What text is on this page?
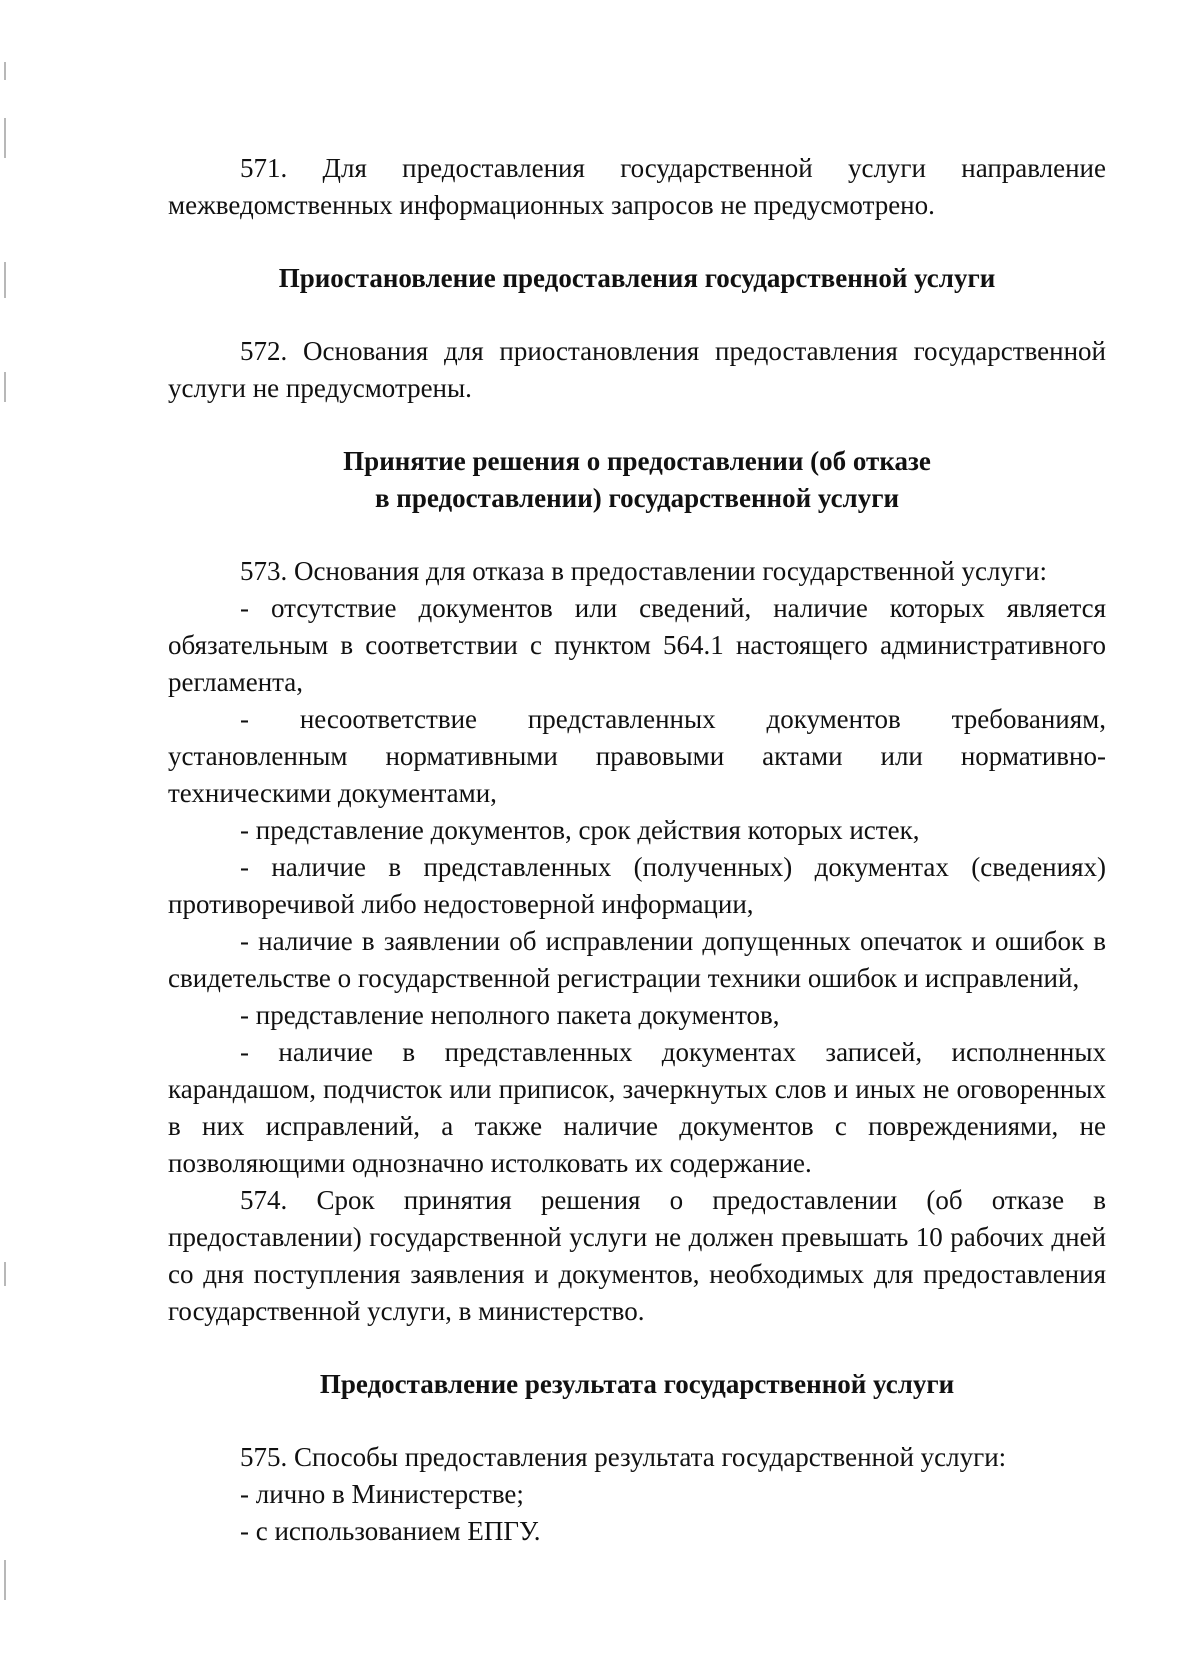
571. Для предоставления государственной услуги направление межведомственных информационных запросов не предусмотрено.

Приостановление предоставления государственной услуги

572. Основания для приостановления предоставления государственной услуги не предусмотрены.

Принятие решения о предоставлении (об отказе

в предоставлении) государственной услуги

573. Основания для отказа в предоставлении государственной услуги:

- отсутствие документов или сведений, наличие которых является обязательным в соответствии с пунктом 564.1 настоящего административного регламента,

- несоответствие представленных документов требованиям, установленным нормативными правовыми актами или нормативно-техническими документами,

- представление документов, срок действия которых истек,

- наличие в представленных (полученных) документах (сведениях) противоречивой либо недостоверной информации,

- наличие в заявлении об исправлении допущенных опечаток и ошибок в свидетельстве о государственной регистрации техники ошибок и исправлений,

- представление неполного пакета документов,

- наличие в представленных документах записей, исполненных карандашом, подчисток или приписок, зачеркнутых слов и иных не оговоренных в них исправлений, а также наличие документов с повреждениями, не позволяющими однозначно истолковать их содержание.

574. Срок принятия решения о предоставлении (об отказе в предоставлении) государственной услуги не должен превышать 10 рабочих дней со дня поступления заявления и документов, необходимых для предоставления государственной услуги, в министерство.

Предоставление результата государственной услуги

575. Способы предоставления результата государственной услуги:

- лично в Министерстве;

- с использованием ЕПГУ.
